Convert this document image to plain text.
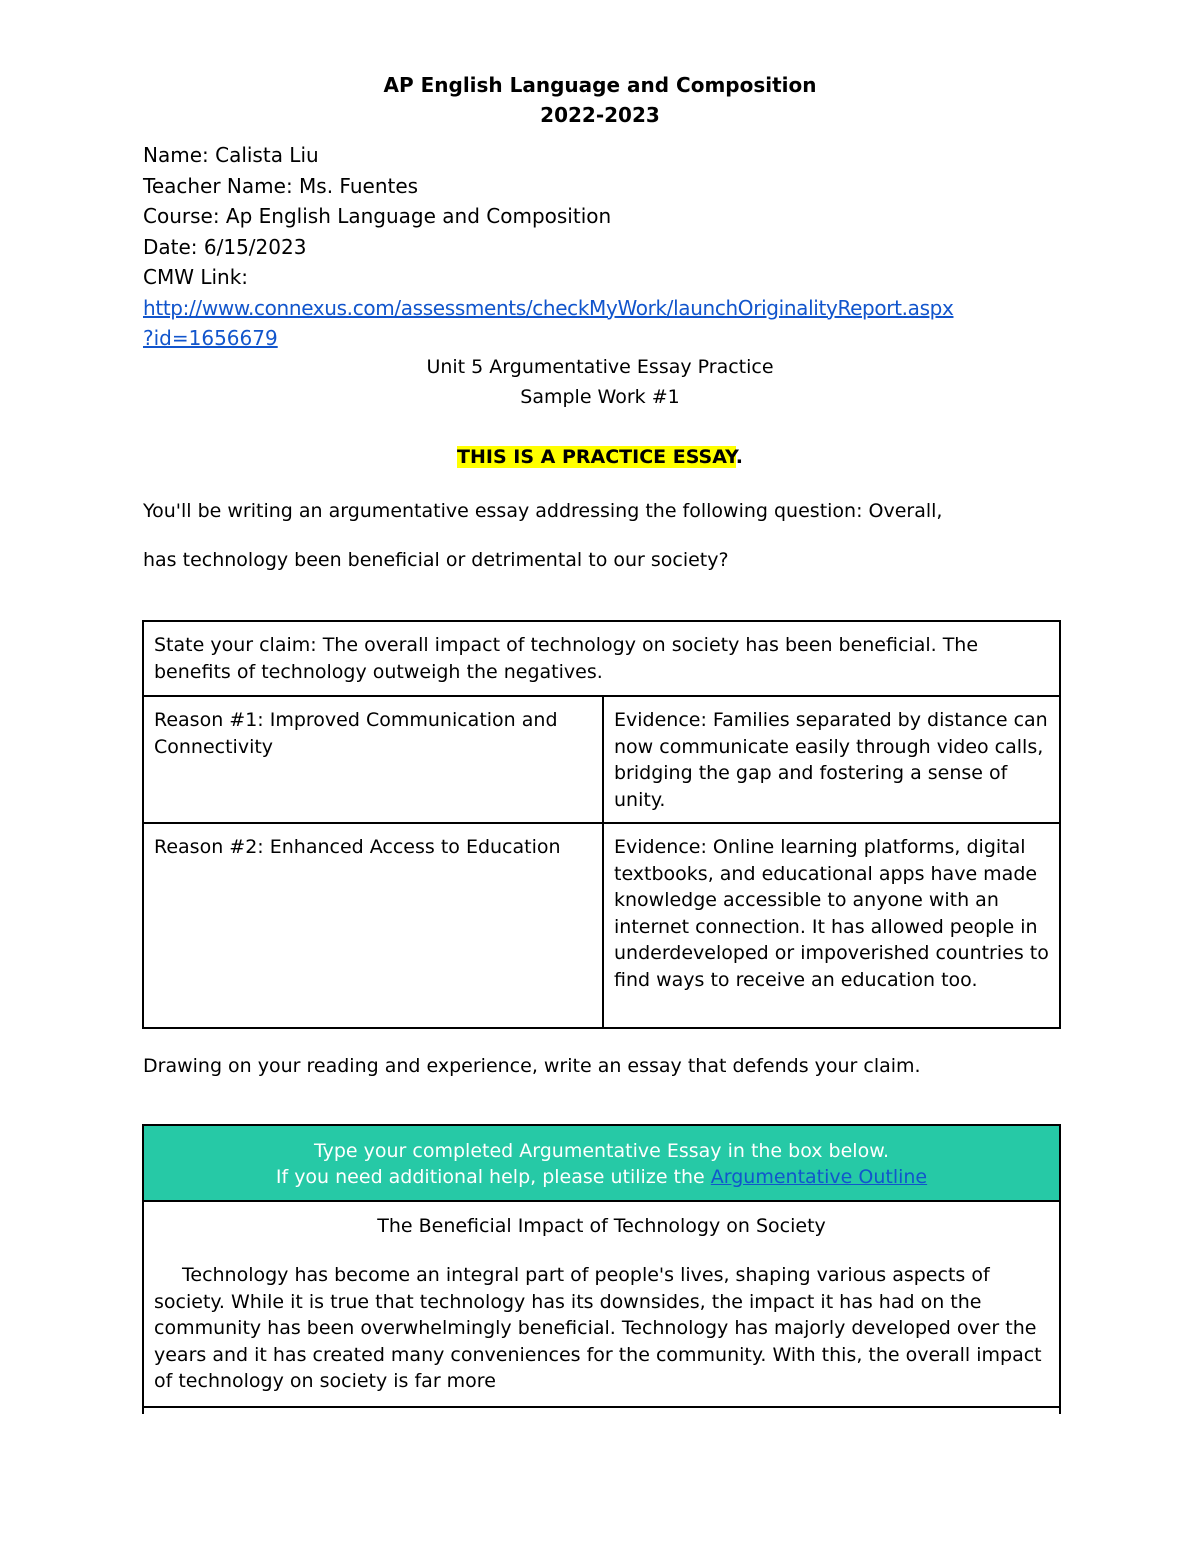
AP English Language and Composition
2022-2023
Name: Calista Liu
Teacher Name: Ms. Fuentes
Course: Ap English Language and Composition
Date: 6/15/2023
CMW Link:
http://www.connexus.com/assessments/checkMyWork/launchOriginalityReport.aspx
?id=1656679
Unit 5 Argumentative Essay Practice
Sample Work #1
THIS IS A PRACTICE ESSAY.
You'll be writing an argumentative essay addressing the following question: Overall,
has technology been beneficial or detrimental to our society?
State your claim: The overall impact of technology on society has been beneficial. The benefits of technology outweigh the negatives.	
Reason #1: Improved Communication and Connectivity	Evidence: Families separated by distance can now communicate easily through video calls, bridging the gap and fostering a sense of unity.
Reason #2: Enhanced Access to Education	Evidence: Online learning platforms, digital textbooks, and educational apps have made knowledge accessible to anyone with an internet connection. It has allowed people in underdeveloped or impoverished countries to find ways to receive an education too.
Drawing on your reading and experience, write an essay that defends your claim.
Type your completed Argumentative Essay in the box below.
If you need additional help, please utilize the Argumentative Outline
The Beneficial Impact of Technology on Society
Technology has become an integral part of people's lives, shaping various aspects of society. While it is true that technology has its downsides, the impact it has had on the community has been overwhelmingly beneficial. Technology has majorly developed over the years and it has created many conveniences for the community. With this, the overall impact of technology on society is far more
